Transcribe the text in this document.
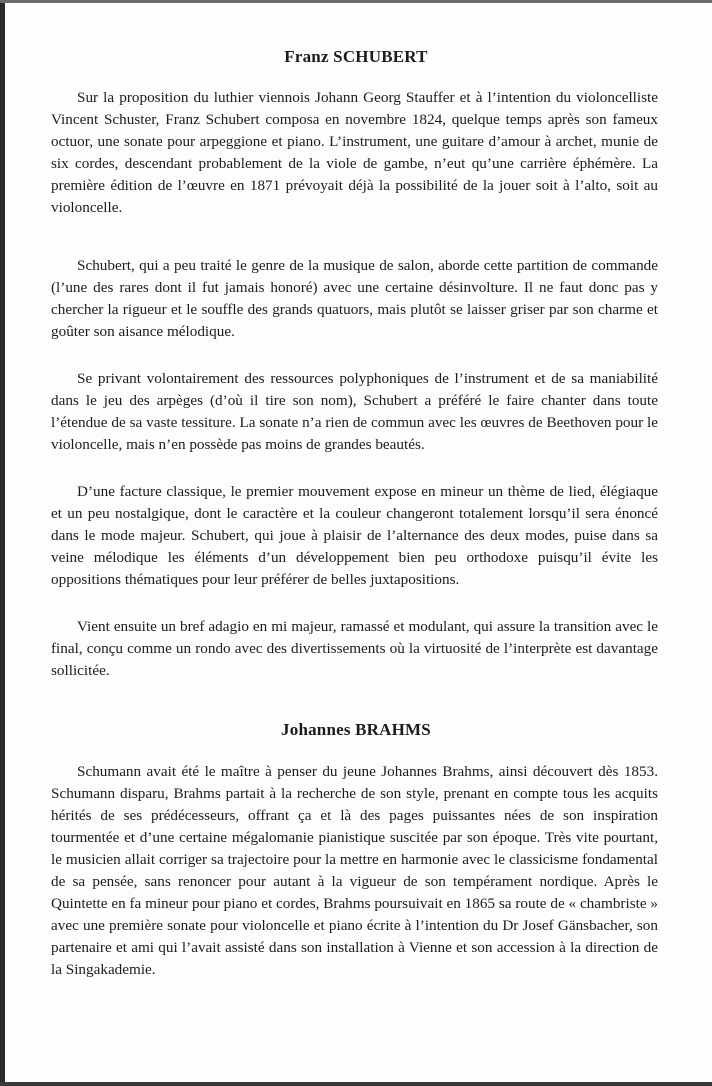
Franz SCHUBERT

Sur la proposition du luthier viennois Johann Georg Stauffer et à l’intention du violoncelliste Vincent Schuster, Franz Schubert composa en novembre 1824, quelque temps après son fameux octuor, une sonate pour arpeggione et piano. L’instrument, une guitare d’amour à archet, munie de six cordes, descendant probablement de la viole de gambe, n’eut qu’une carrière éphémère. La première édition de l’œuvre en 1871 prévoyait déjà la possibilité de la jouer soit à l’alto, soit au violoncelle.

Schubert, qui a peu traité le genre de la musique de salon, aborde cette partition de commande (l’une des rares dont il fut jamais honoré) avec une certaine désinvolture. Il ne faut donc pas y chercher la rigueur et le souffle des grands quatuors, mais plutôt se laisser griser par son charme et goûter son aisance mélodique.

Se privant volontairement des ressources polyphoniques de l’instrument et de sa maniabilité dans le jeu des arpèges (d’où il tire son nom), Schubert a préféré le faire chanter dans toute l’étendue de sa vaste tessiture. La sonate n’a rien de commun avec les œuvres de Beethoven pour le violoncelle, mais n’en possède pas moins de grandes beautés.

D’une facture classique, le premier mouvement expose en mineur un thème de lied, élégiaque et un peu nostalgique, dont le caractère et la couleur changeront totalement lorsqu’il sera énoncé dans le mode majeur. Schubert, qui joue à plaisir de l’alternance des deux modes, puise dans sa veine mélodique les éléments d’un développement bien peu orthodoxe puisqu’il évite les oppositions thématiques pour leur préférer de belles juxtapositions.

Vient ensuite un bref adagio en mi majeur, ramassé et modulant, qui assure la transition avec le final, conçu comme un rondo avec des divertissements où la virtuosité de l’interprète est davantage sollicitée.

Johannes BRAHMS

Schumann avait été le maître à penser du jeune Johannes Brahms, ainsi découvert dès 1853. Schumann disparu, Brahms partait à la recherche de son style, prenant en compte tous les acquits hérités de ses prédécesseurs, offrant ça et là des pages puissantes nées de son inspiration tourmentée et d’une certaine mégalomanie pianistique suscitée par son époque. Très vite pourtant, le musicien allait corriger sa trajectoire pour la mettre en harmonie avec le classicisme fondamental de sa pensée, sans renoncer pour autant à la vigueur de son tempérament nordique. Après le Quintette en fa mineur pour piano et cordes, Brahms poursuivait en 1865 sa route de « chambriste » avec une première sonate pour violoncelle et piano écrite à l’intention du Dr Josef Gänsbacher, son partenaire et ami qui l’avait assisté dans son installation à Vienne et son accession à la direction de la Singakademie.
